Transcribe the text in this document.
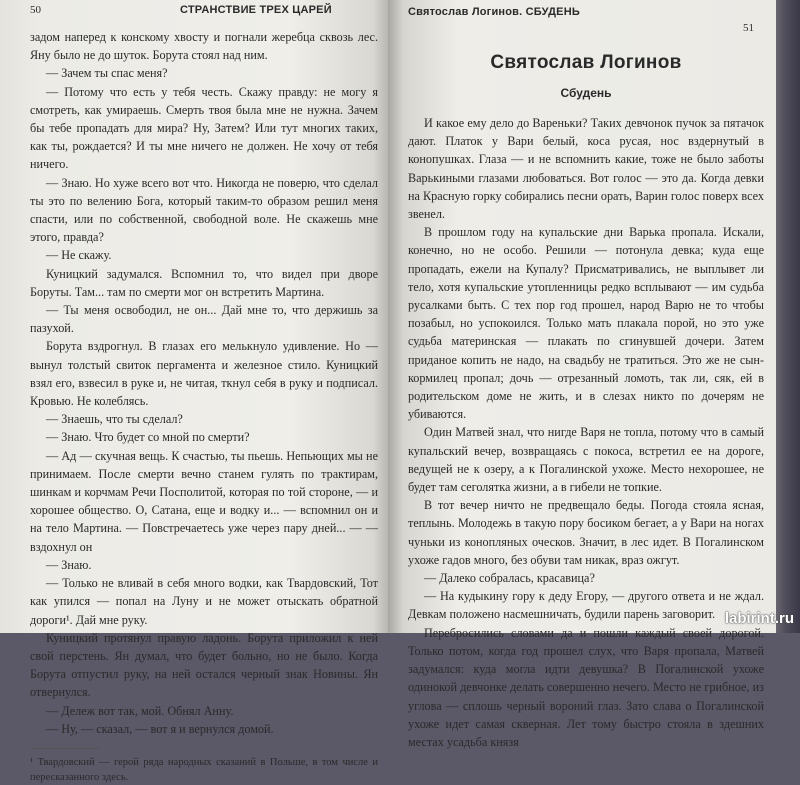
СТРАНСТВИЕ ТРЕХ ЦАРЕЙ
50

задом наперед к конскому хвосту и погнали жеребца сквозь лес. Яну было не до шуток. Борута стоял над ним.

— Зачем ты спас меня?

— Потому что есть у тебя честь. Скажу правду: не могу я смотреть, как умираешь. Смерть твоя была мне не нужна. Зачем бы тебе пропадать для мира? Ну, Затем? Или тут многих таких, как ты, рождается? И ты мне ничего не должен. Не хочу от тебя ничего.

— Знаю. Но хуже всего вот что. Никогда не поверю, что сделал ты это по велению Бога, который таким-то образом решил меня спасти, или по собственной, свободной воле. Не скажешь мне этого, правда?

— Не скажу.

Куницкий задумался. Вспомнил то, что видел при дворе Боруты. Там... там по смерти мог он встретить Мартина.

— Ты меня освободил, не он... Дай мне то, что держишь за пазухой.

Борута вздрогнул. В глазах его мелькнуло удивление. Но — вынул толстый свиток пергамента и железное стило. Куницкий взял его, взвесил в руке и, не читая, ткнул себя в руку и подписал. Кровью. Не колеблясь.

— Знаешь, что ты сделал?

— Знаю. Что будет со мной по смерти?

— Ад — скучная вещь. К счастью, ты пьешь. Непьющих мы не принимаем. После смерти вечно станем гулять по трактирам, шинкам и корчмам Речи Посполитой, которая по той стороне, — и хорошее общество. О, Сатана, еще и водку и... — вспомнил он и на тело Мартина. — Повстречаетесь уже через пару дней... — — вздохнул он

— Знаю.

— Только не вливай в себя много водки, как Твардовский, Тот как упился — попал на Луну и не может отыскать обратной дороги¹. Дай мне руку.

Куницкий протянул правую ладонь. Борута приложил к ней свой перстень. Ян думал, что будет больно, но не было. Когда Борута отпустил руку, на ней остался черный знак Новины. Ян отвернулся.

— Дележ вот так, мой. Обнял Анну.

— Ну, — сказал, — вот я и вернулся домой.

¹ Твардовский — герой ряда народных сказаний в Польше, в том числе и пересказанного здесь.
Святослав Логинов. СБУДЕНЬ
51
Святослав Логинов
Сбудень

И какое ему дело до Вареньки? Таких девчонок пучок за пятачок дают. Платок у Вари белый, коса русая, нос вздернутый в конопушках. Глаза — и не вспомнить какие, тоже не было заботы Варькиными глазами любоваться. Вот голос — это да. Когда девки на Красную горку собирались песни орать, Варин голос поверх всех звенел.

В прошлом году на купальские дни Варька пропала. Искали, конечно, но не особо. Решили — потонула девка; куда еще пропадать, ежели на Купалу? Присматривались, не выплывет ли тело, хотя купальские утопленницы редко всплывают — им судьба русалками быть. С тех пор год прошел, народ Варю не то чтобы позабыл, но успокоился. Только мать плакала порой, но это уже судьба материнская — плакать по сгинувшей дочери. Затем приданое копить не надо, на свадьбу не тратиться. Это же не сын-кормилец пропал; дочь — отрезанный ломоть, так ли, сяк, ей в родительском доме не жить, и в слезах никто по дочерям не убиваются.

Один Матвей знал, что нигде Варя не топла, потому что в самый купальский вечер, возвращаясь с покоса, встретил ее на дороге, ведущей не к озеру, а к Погалинской ухоже. Место нехорошее, не будет там сеголятка жизни, а в гибели не топкие.

В тот вечер ничто не предвещало беды. Погода стояла ясная, теплынь. Молодежь в такую пору босиком бегает, а у Вари на ногах чуньки из конопляных оческов. Значит, в лес идет. В Погалинском ухоже гадов много, без обуви там никак, враз ожгут.

— Далеко собралась, красавица?

— На кудыкину гору к деду Егору, — другого ответа и не ждал. Девкам положено насмешничать, будили парень заговорит.

Перебросились словами да и пошли каждый своей дорогой. Только потом, когда год прошел слух, что Варя пропала, Матвей задумался: куда могла идти девушка? В Погалинской ухоже одинокой девчонке делать совершенно нечего. Место не грибное, из углова — сплошь черный вороний глаз. Зато слава о Погалинской ухоже идет самая скверная. Лет тому быстро стояла в здешних местах усадьба князя

labirint.ru
